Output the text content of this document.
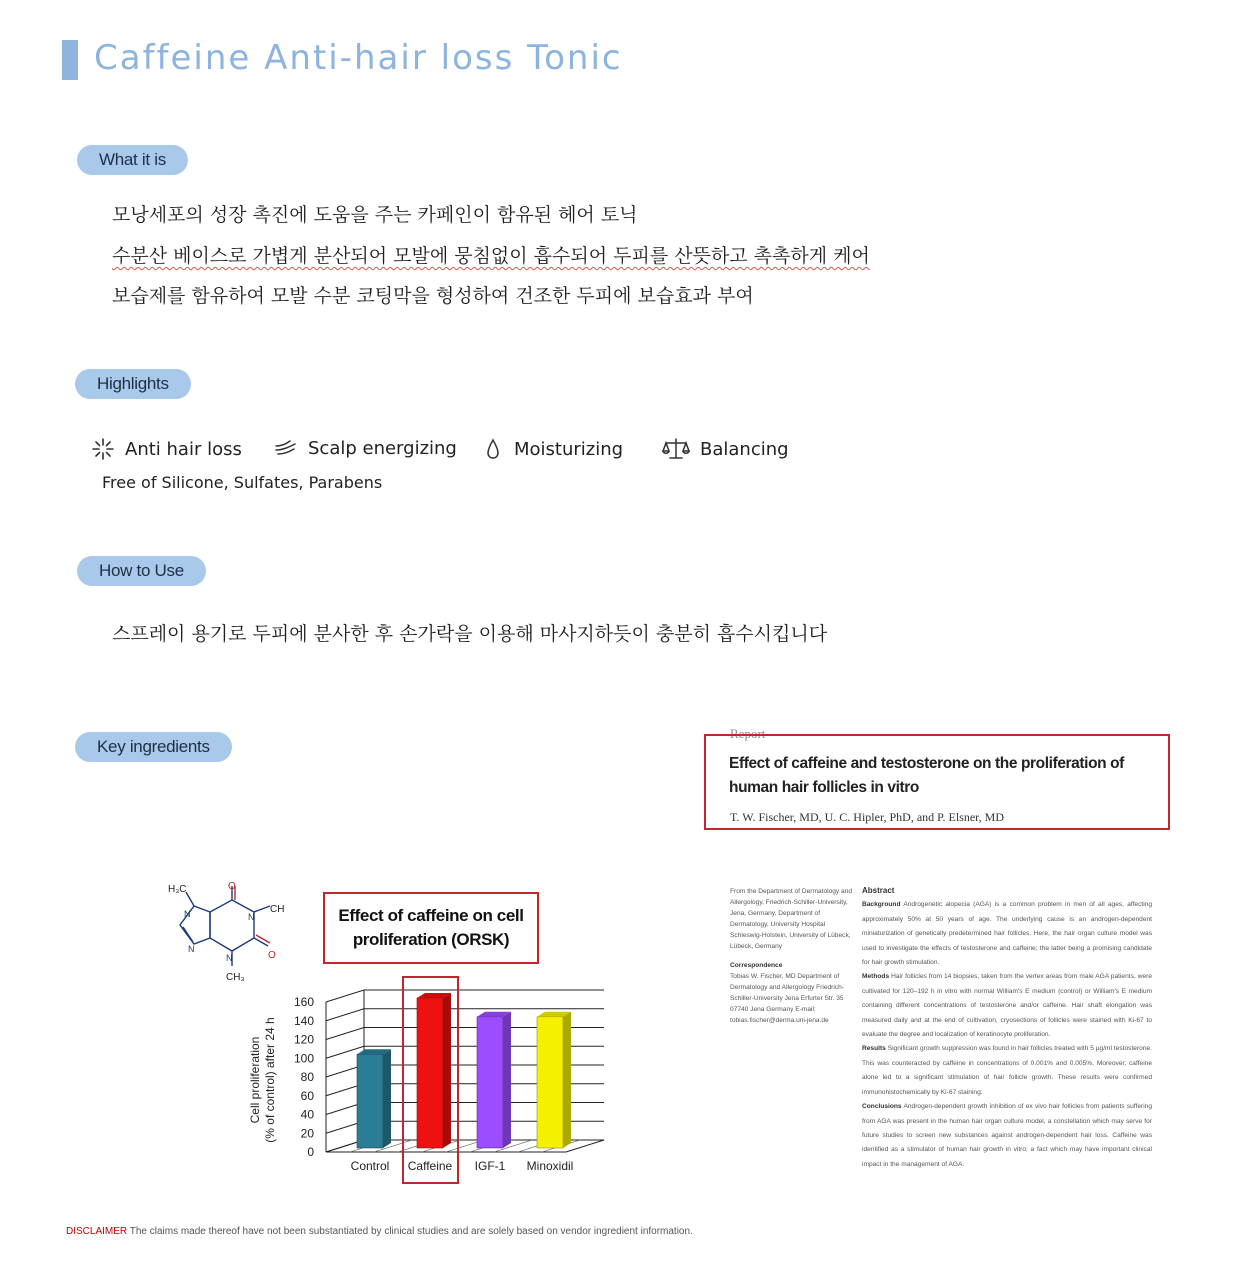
Caffeine Anti-hair loss Tonic
What it is
모낭세포의 성장 촉진에 도움을 주는 카페인이 함유된 헤어 토닉
수분산 베이스로 가볍게 분산되어 모발에 뭉침없이 흡수되어 두피를 산뜻하고 촉촉하게 케어
보습제를 함유하여 모발 수분 코팅막을 형성하여 건조한 두피에 보습효과 부여
Highlights
Anti hair loss	Scalp energizing	Moisturizing	Balancing
Free of Silicone, Sulfates, Parabens
How to Use
스프레이 용기로 두피에 분사한 후 손가락을 이용해 마사지하듯이 충분히 흡수시킵니다
Key ingredients
H₃C	O
CH
O
CH₃
N	N
N
N
Effect of caffeine on cell
proliferation (ORSK)
0
20
40
60
80
100
120
140
160
Control Caffeine IGF-1 Minoxidil
Cell proliferation (% of control) after 24 h
Report
Effect of caffeine and testosterone on the proliferation of human hair follicles in vitro
T. W. Fischer, MD, U. C. Hipler, PhD, and P. Elsner, MD
From the Department of Dermatology and Allergology, Friedrich-Schiller-University, Jena, Germany, Department of Dermatology, University Hospital Schleswig-Holstein, University of Lübeck, Lübeck, Germany
Correspondence
Tobias W. Fischer, MD Department of Dermatology and Allergology Friedrich-Schiller-University Jena Erfurter Str. 35 07740 Jena Germany E-mail: tobias.fischer@derma.uni-jena.de
Abstract
Background Androgenetic alopecia (AGA) is a common problem in men of all ages, affecting approximately 50% at 50 years of age. The underlying cause is an androgen-dependent miniaturization of genetically predetermined hair follicles. Here, the hair organ culture model was used to investigate the effects of testosterone and caffeine; the latter being a promising candidate for hair growth stimulation.
Methods Hair follicles from 14 biopsies, taken from the vertex areas from male AGA patients, were cultivated for 120–192 h in vitro with normal William's E medium (control) or William's E medium containing different concentrations of testosterone and/or caffeine. Hair shaft elongation was measured daily and at the end of cultivation, cryosections of follicles were stained with Ki-67 to evaluate the degree and localization of keratinocyte proliferation.
Results Significant growth suppression was found in hair follicles treated with 5 μg/ml testosterone. This was counteracted by caffeine in concentrations of 0.001% and 0.005%. Moreover, caffeine alone led to a significant stimulation of hair follicle growth. These results were confirmed immunohistochemically by Ki-67 staining.
Conclusions Androgen-dependent growth inhibition of ex vivo hair follicles from patients suffering from AGA was present in the human hair organ culture model, a constellation which may serve for future studies to screen new substances against androgen-dependent hair loss. Caffeine was identified as a stimulator of human hair growth in vitro; a fact which may have important clinical impact in the management of AGA.
DISCLAIMER The claims made thereof have not been substantiated by clinical studies and are solely based on vendor ingredient information.
